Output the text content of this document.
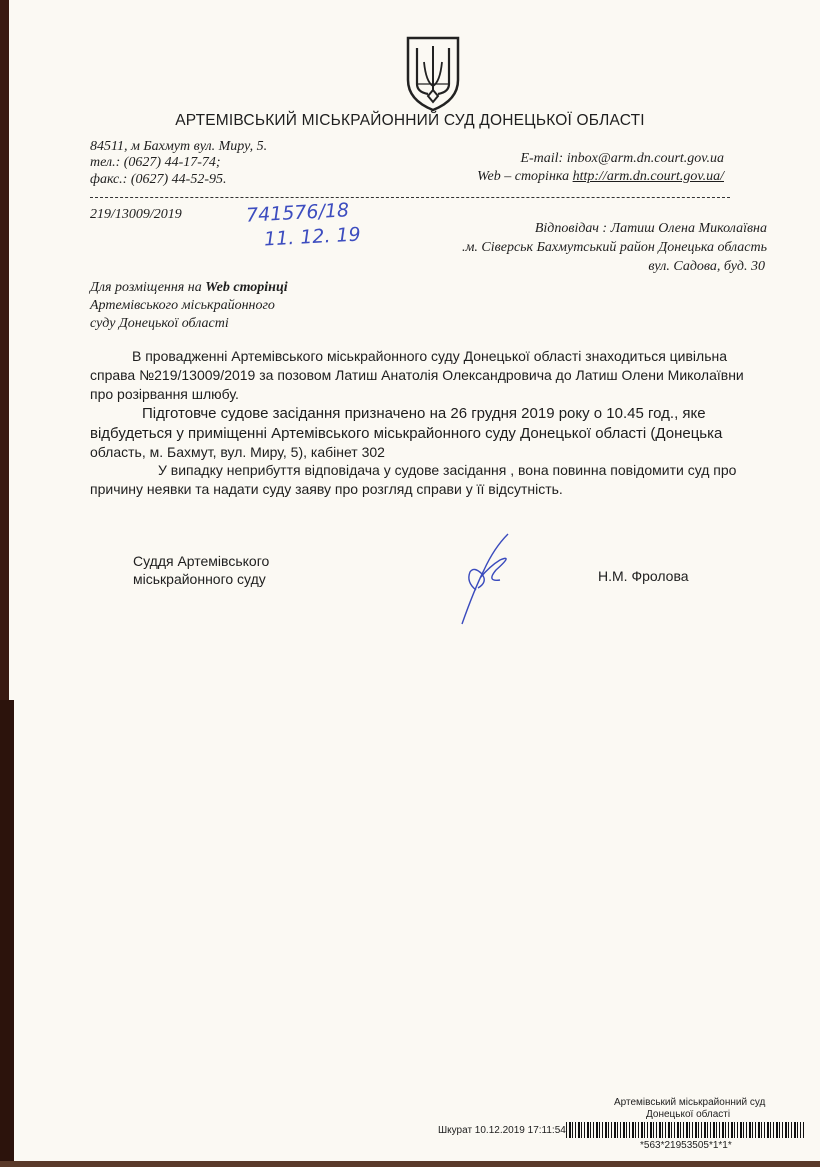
АРТЕМІВСЬКИЙ МІСЬКРАЙОННИЙ СУД ДОНЕЦЬКОЇ ОБЛАСТІ
84511, м Бахмут вул. Миру, 5.
тел.: (0627) 44-17-74;
факс.: (0627) 44-52-95.
E-mail: inbox@arm.dn.court.gov.ua
Web – сторінка http://arm.dn.court.gov.ua/
219/13009/2019	741576/18
11. 12. 19	Відповідач : Латиш Олена Миколаївна
.м. Сіверськ Бахмутський район Донецька область
вул. Садова, буд. 30
Для розміщення на Web сторінці
Артемівського міськрайонного
суду Донецької області
В провадженні Артемівського міськрайонного суду Донецької області знаходиться цивільна
справа №219/13009/2019 за позовом Латиш Анатолія Олександровича до Латиш Олени Миколаївни
про розірвання шлюбу.
Підготовче судове засідання призначено на 26 грудня 2019 року о 10.45 год., яке
відбудеться у приміщенні Артемівського міськрайонного суду Донецької області (Донецька
область, м. Бахмут, вул. Миру, 5), кабінет 302
У випадку неприбуття відповідача у судове засідання , вона повинна повідомити суд про
причину неявки та надати суду заяву про розгляд справи у її відсутність.
Суддя Артемівського
міськрайонного суду	Н.М. Фролова
Артемівський міськрайонний суд
Донецької області
Шкурат 10.12.2019 17:11:54
*563*21953505*1*1*
